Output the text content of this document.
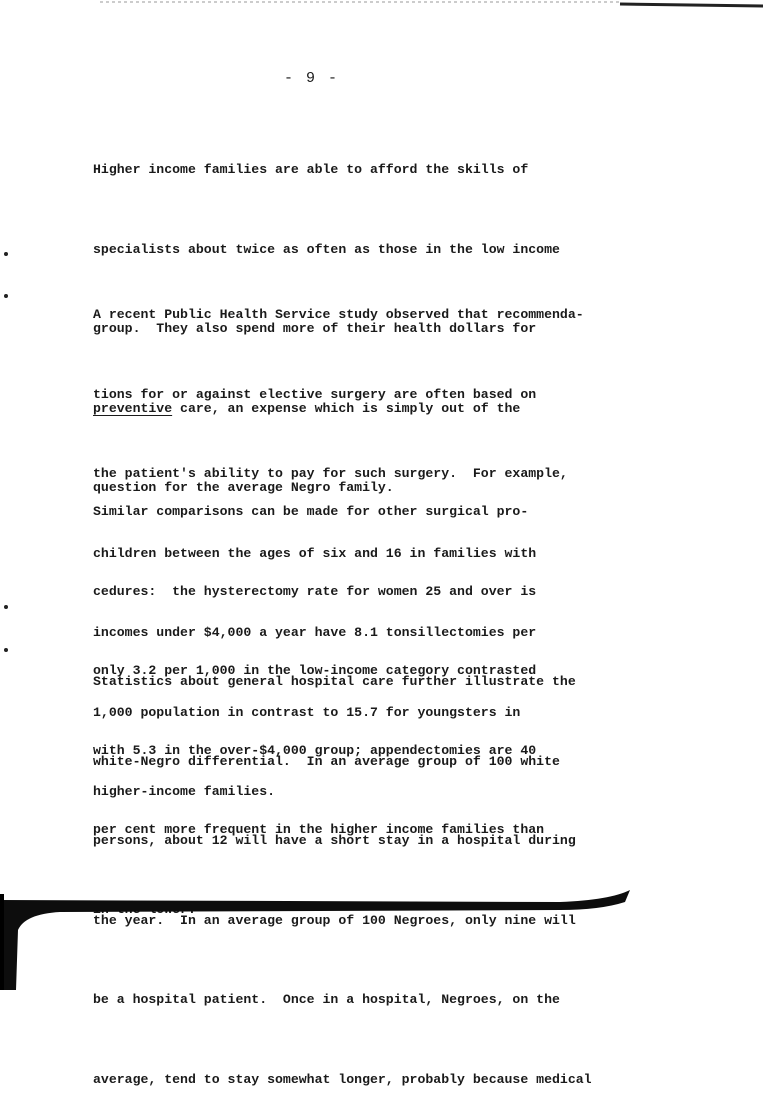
- 9 -

Higher income families are able to afford the skills of

specialists about twice as often as those in the low income

group.  They also spend more of their health dollars for

preventive care, an expense which is simply out of the

question for the average Negro family.

A recent Public Health Service study observed that recommenda-

tions for or against elective surgery are often based on

the patient's ability to pay for such surgery.  For example,

children between the ages of six and 16 in families with

incomes under $4,000 a year have 8.1 tonsillectomies per

1,000 population in contrast to 15.7 for youngsters in

higher-income families.

Similar comparisons can be made for other surgical pro-

cedures:  the hysterectomy rate for women 25 and over is

only 3.2 per 1,000 in the low-income category contrasted

with 5.3 in the over-$4,000 group; appendectomies are 40

per cent more frequent in the higher income families than

Statistics about general hospital care further illustrate the

white-Negro differential.  In an average group of 100 white

persons, about 12 will have a short stay in a hospital during

the year.  In an average group of 100 Negroes, only nine will

be a hospital patient.  Once in a hospital, Negroes, on the

average, tend to stay somewhat longer, probably because medical
